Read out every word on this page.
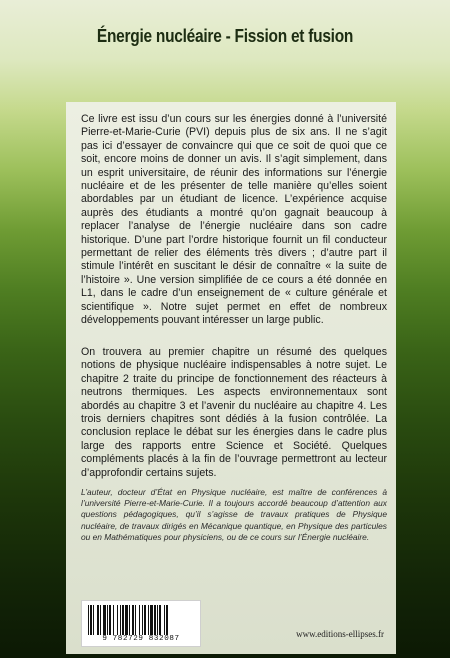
Énergie nucléaire - Fission et fusion
Ce livre est issu d’un cours sur les énergies donné à l’université Pierre-et-Marie-Curie (PVI) depuis plus de six ans. Il ne s’agit pas ici d’essayer de convaincre qui que ce soit de quoi que ce soit, encore moins de donner un avis. Il s’agit simplement, dans un esprit universitaire, de réunir des informations sur l’énergie nucléaire et de les présenter de telle manière qu’elles soient abordables par un étudiant de licence. L’expérience acquise auprès des étudiants a montré qu’on gagnait beaucoup à replacer l’analyse de l’énergie nucléaire dans son cadre historique. D’une part l’ordre historique fournit un fil conducteur permettant de relier des éléments très divers ; d’autre part il stimule l’intérêt en suscitant le désir de connaître « la suite de l’histoire ». Une version simplifiée de ce cours a été donnée en L1, dans le cadre d’un enseignement de « culture générale et scientifique ». Notre sujet permet en effet de nombreux développements pouvant intéresser un large public.
On trouvera au premier chapitre un résumé des quelques notions de physique nucléaire indispensables à notre sujet. Le chapitre 2 traite du principe de fonctionnement des réacteurs à neutrons thermiques. Les aspects environnementaux sont abordés au chapitre 3 et l’avenir du nucléaire au chapitre 4. Les trois derniers chapitres sont dédiés à la fusion contrôlée. La conclusion replace le débat sur les énergies dans le cadre plus large des rapports entre Science et Société. Quelques compléments placés à la fin de l’ouvrage permettront au lecteur d’approfondir certains sujets.
L’auteur, docteur d’État en Physique nucléaire, est maître de conférences à l’université Pierre-et-Marie-Curie. Il a toujours accordé beaucoup d’attention aux questions pédagogiques, qu’il s’agisse de travaux pratiques de Physique nucléaire, de travaux dirigés en Mécanique quantique, en Physique des particules ou en Mathématiques pour physiciens, ou de ce cours sur l’Énergie nucléaire.
9 782729 832087	www.editions-ellipses.fr
